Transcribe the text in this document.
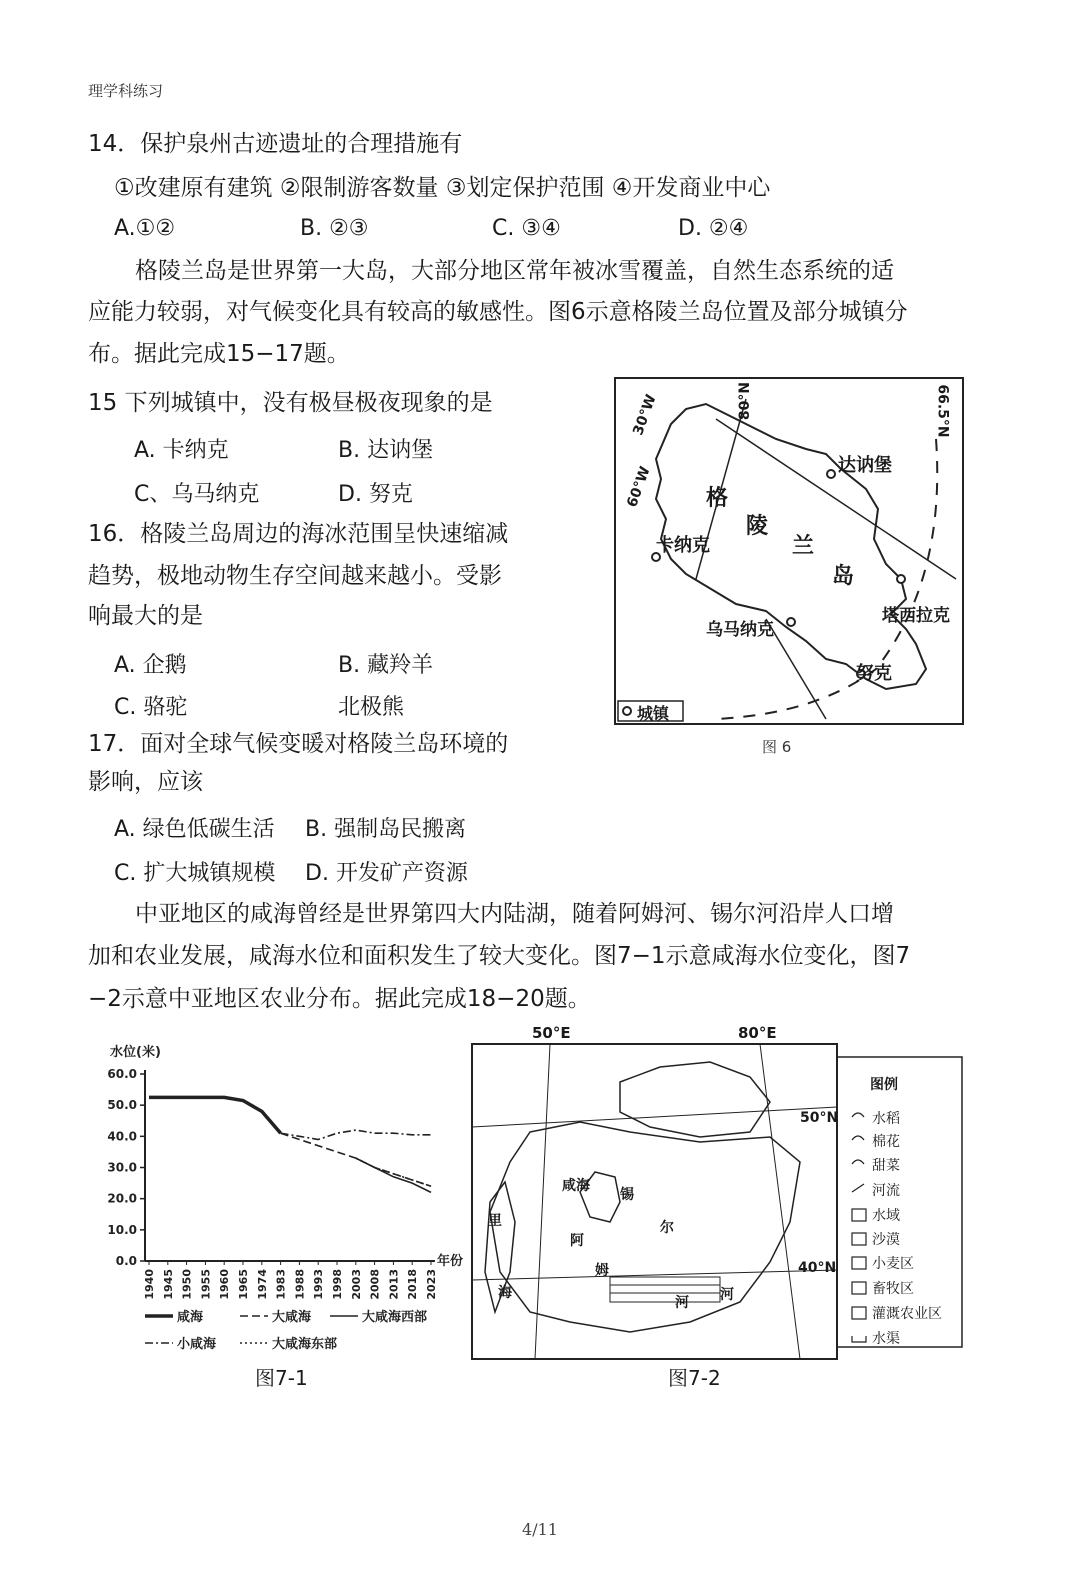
理学科练习
14．保护泉州古迹遗址的合理措施有
①改建原有建筑 ②限制游客数量 ③划定保护范围 ④开发商业中心
A.①②	B. ②③	C. ③④	D. ②④
格陵兰岛是世界第一大岛，大部分地区常年被冰雪覆盖，自然生态系统的适
应能力较弱，对气候变化具有较高的敏感性。图6示意格陵兰岛位置及部分城镇分
布。据此完成15−17题。
15 下列城镇中，没有极昼极夜现象的是
A. 卡纳克	B. 达讷堡
C、乌马纳克	D. 努克
16．格陵兰岛周边的海冰范围呈快速缩减
趋势，极地动物生存空间越来越小。受影
响最大的是
A. 企鹅	B. 藏羚羊
C. 骆驼	北极熊
17．面对全球气候变暖对格陵兰岛环境的
影响，应该
A. 绿色低碳生活 B. 强制岛民搬离
C. 扩大城镇规模 D. 开发矿产资源
30°W
60°W
80°N	66.5°N
达讷堡
卡纳克
乌马纳克
塔西拉克
努克
格
陵
兰
岛
城镇
图 6
中亚地区的咸海曾经是世界第四大内陆湖，随着阿姆河、锡尔河沿岸人口增
加和农业发展，咸海水位和面积发生了较大变化。图7−1示意咸海水位变化，图7
−2示意中亚地区农业分布。据此完成18−20题。
水位(米)
0.0
10.0
20.0
30.0
40.0
50.0
60.0
1940 1945 1950 1955 1960 1965 1974 1983 1988 1993 1998 2003 2008 2013 2018 2023
年份
咸海	大咸海	大咸海西部
小咸海	大咸海东部
图7-1
50°E	80°E
50°N
40°N
咸海
锡
尔
阿
姆
河
里
海	河
图例
水稻
棉花
甜菜
河流
水域
沙漠
小麦区
畜牧区
灌溉农业区
水渠
图7-2
4/11
